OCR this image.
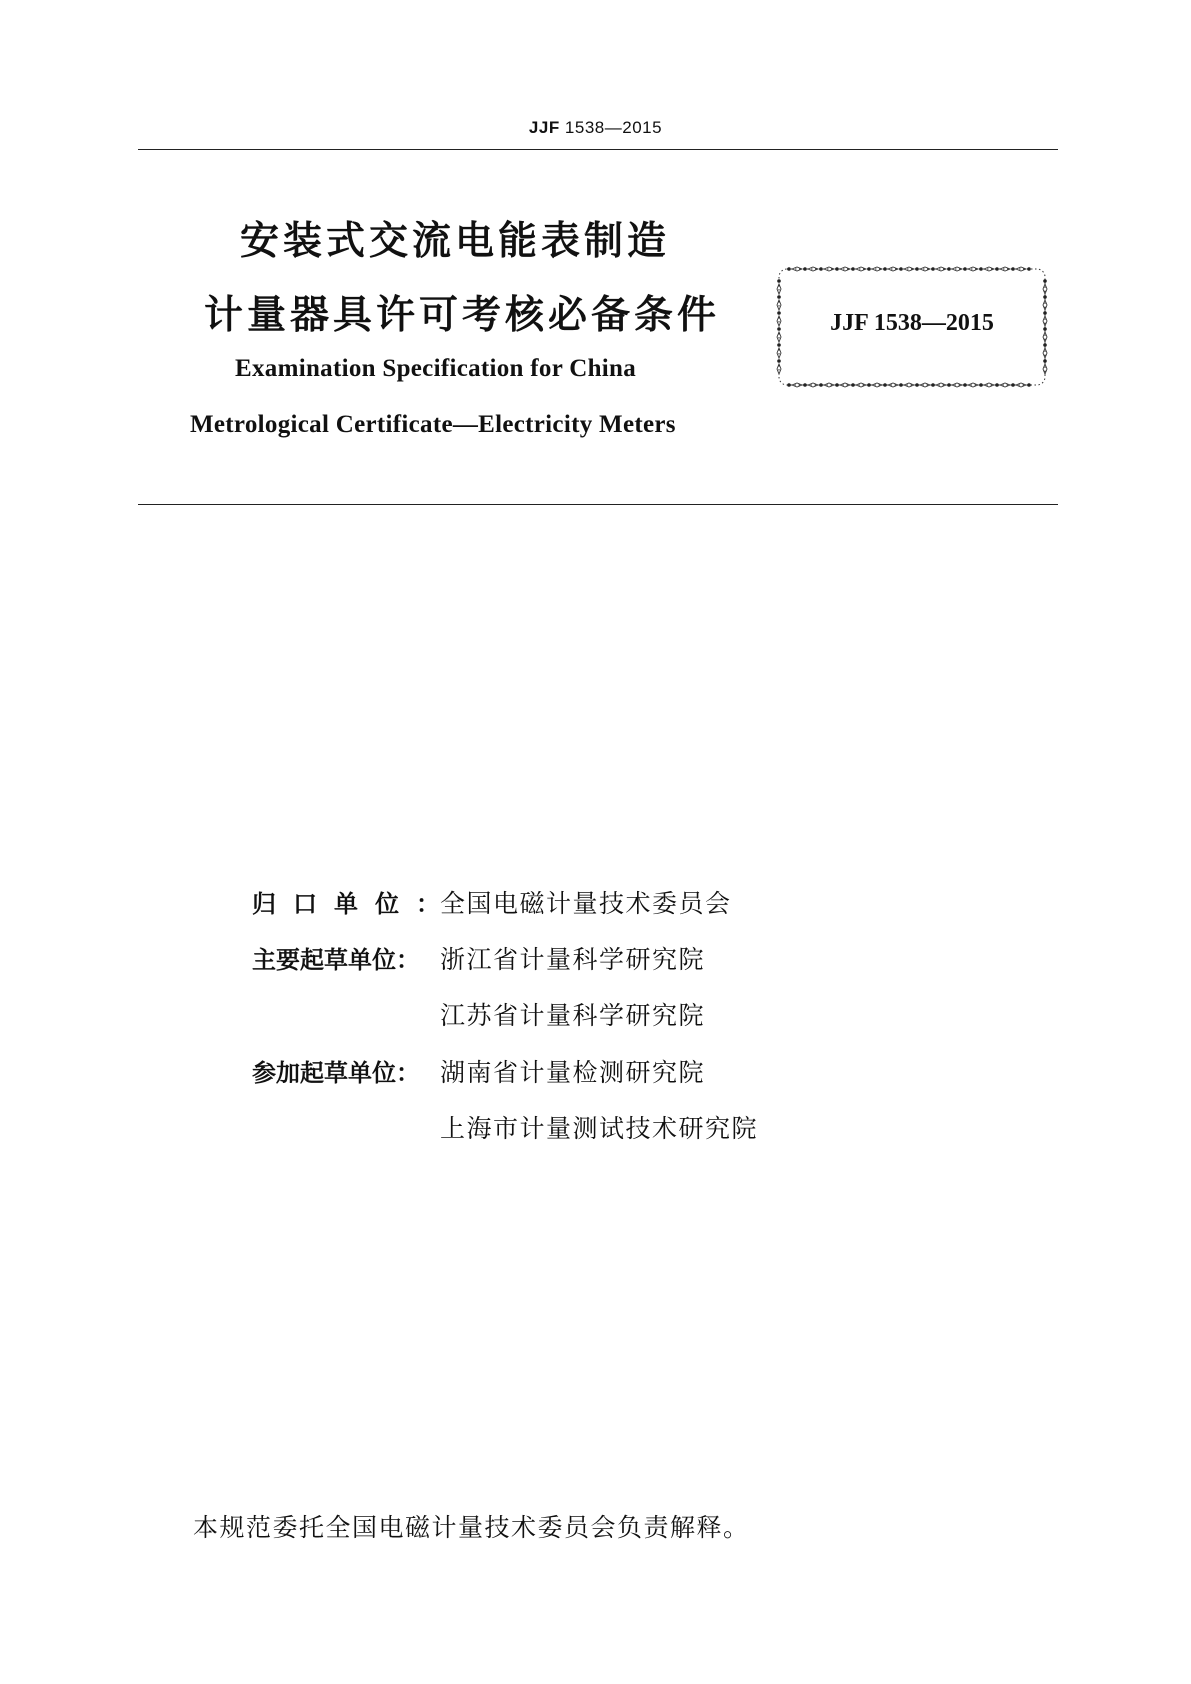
JJF 1538—2015
安装式交流电能表制造
计量器具许可考核必备条件
Examination Specification for China
Metrological Certificate—Electricity Meters
JJF 1538—2015
归口单位：全国电磁计量技术委员会
主要起草单位： 浙江省计量科学研究院
江苏省计量科学研究院
参加起草单位： 湖南省计量检测研究院
上海市计量测试技术研究院
本规范委托全国电磁计量技术委员会负责解释。
